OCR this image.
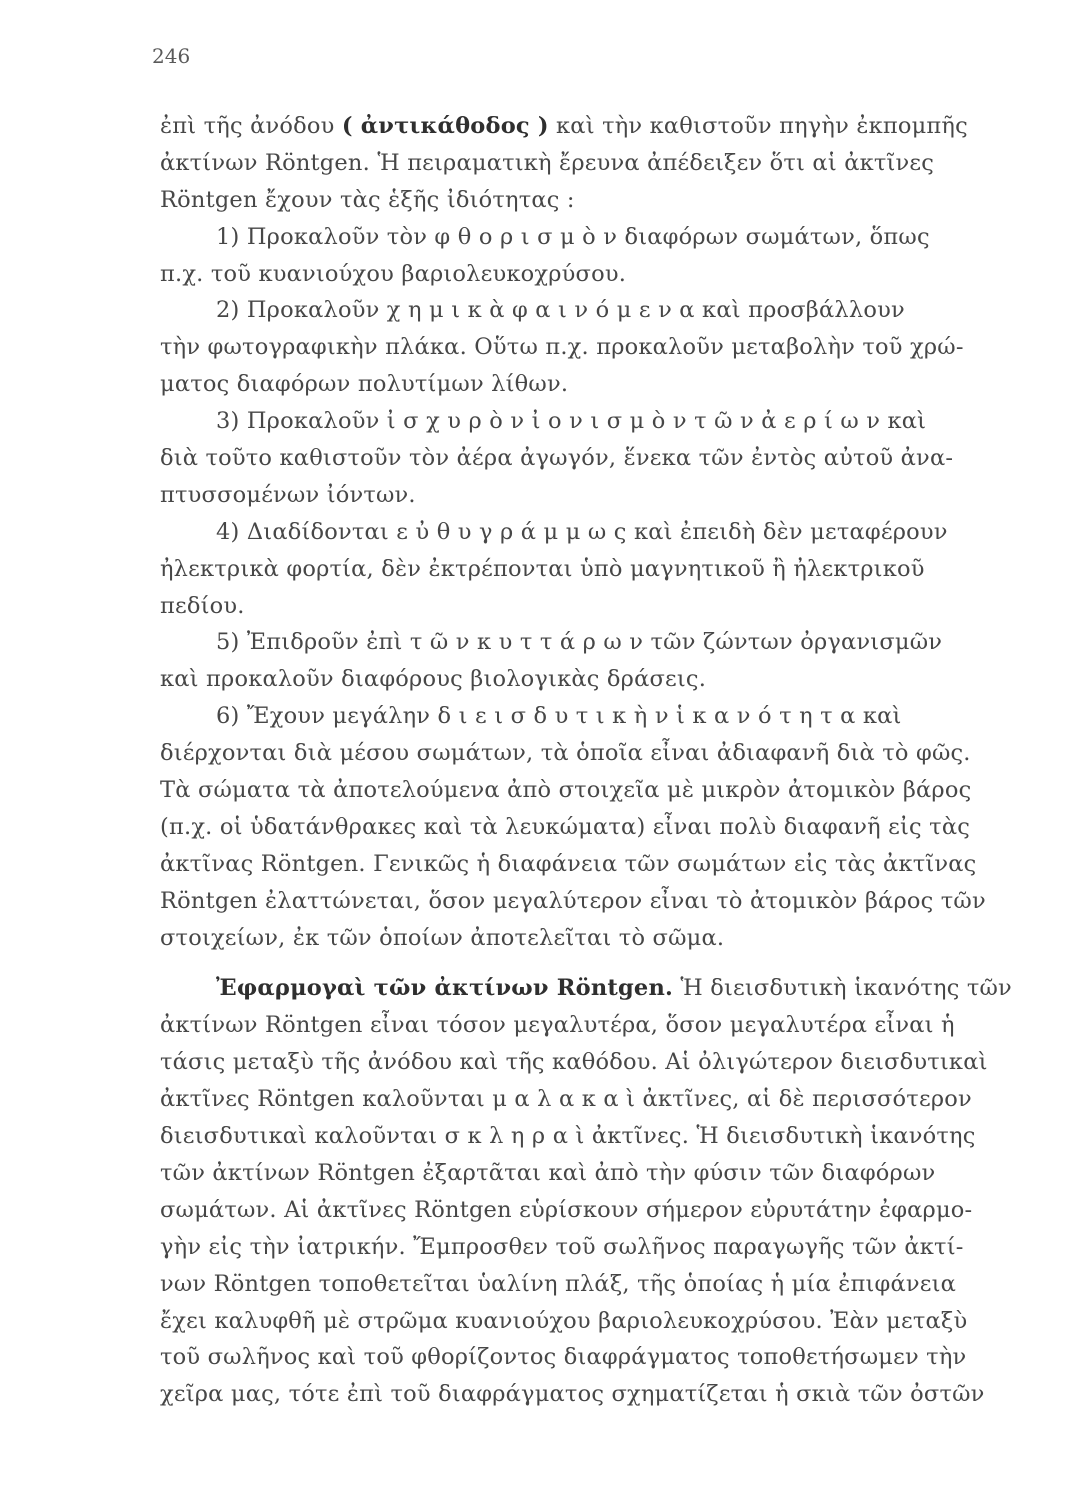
246
ἐπὶ τῆς ἀνόδου ( ἀντικάθοδος ) καὶ τὴν καθιστοῦν πηγὴν ἐκπομπῆς
ἀκτίνων Röntgen. Ἡ πειραματικὴ ἔρευνα ἀπέδειξεν ὅτι αἱ ἀκτῖνες
Röntgen ἔχουν τὰς ἑξῆς ἰδιότητας :
1) Προκαλοῦν τὸν φ θ ο ρ ι σ μ ὸ ν διαφόρων σωμάτων, ὅπως
π.χ. τοῦ κυανιούχου βαριολευκοχρύσου.
2) Προκαλοῦν χ η μ ι κ ὰ φ α ι ν ό μ ε ν α καὶ προσβάλλουν
τὴν φωτογραφικὴν πλάκα. Οὕτω π.χ. προκαλοῦν μεταβολὴν τοῦ χρώ-
ματος διαφόρων πολυτίμων λίθων.
3) Προκαλοῦν ἰ σ χ υ ρ ὸ ν ἰ ο ν ι σ μ ὸ ν τ ῶ ν ἀ ε ρ ί ω ν καὶ
διὰ τοῦτο καθιστοῦν τὸν ἀέρα ἀγωγόν, ἕνεκα τῶν ἐντὸς αὐτοῦ ἀνα-
πτυσσομένων ἰόντων.
4) Διαδίδονται ε ὐ θ υ γ ρ ά μ μ ω ς καὶ ἐπειδὴ δὲν μεταφέρουν
ἠλεκτρικὰ φορτία, δὲν ἐκτρέπονται ὑπὸ μαγνητικοῦ ἢ ἠλεκτρικοῦ
πεδίου.
5) Ἐπιδροῦν ἐπὶ τ ῶ ν κ υ τ τ ά ρ ω ν τῶν ζώντων ὀργανισμῶν
καὶ προκαλοῦν διαφόρους βιολογικὰς δράσεις.
6) Ἔχουν μεγάλην δ ι ε ι σ δ υ τ ι κ ὴ ν ἱ κ α ν ό τ η τ α καὶ
διέρχονται διὰ μέσου σωμάτων, τὰ ὁποῖα εἶναι ἀδιαφανῆ διὰ τὸ φῶς.
Τὰ σώματα τὰ ἀποτελούμενα ἀπὸ στοιχεῖα μὲ μικρὸν ἀτομικὸν βάρος
(π.χ. οἱ ὑδατάνθρακες καὶ τὰ λευκώματα) εἶναι πολὺ διαφανῆ εἰς τὰς
ἀκτῖνας Röntgen. Γενικῶς ἡ διαφάνεια τῶν σωμάτων εἰς τὰς ἀκτῖνας
Röntgen ἐλαττώνεται, ὅσον μεγαλύτερον εἶναι τὸ ἀτομικὸν βάρος τῶν
στοιχείων, ἐκ τῶν ὁποίων ἀποτελεῖται τὸ σῶμα.
Ἐφαρμογαὶ τῶν ἀκτίνων Röntgen. Ἡ διεισδυτικὴ ἱκανότης τῶν
ἀκτίνων Röntgen εἶναι τόσον μεγαλυτέρα, ὅσον μεγαλυτέρα εἶναι ἡ
τάσις μεταξὺ τῆς ἀνόδου καὶ τῆς καθόδου. Αἱ ὀλιγώτερον διεισδυτικαὶ
ἀκτῖνες Röntgen καλοῦνται μ α λ α κ α ὶ ἀκτῖνες, αἱ δὲ περισσότερον
διεισδυτικαὶ καλοῦνται σ κ λ η ρ α ὶ ἀκτῖνες. Ἡ διεισδυτικὴ ἱκανότης
τῶν ἀκτίνων Röntgen ἐξαρτᾶται καὶ ἀπὸ τὴν φύσιν τῶν διαφόρων
σωμάτων. Αἱ ἀκτῖνες Röntgen εὑρίσκουν σήμερον εὐρυτάτην ἐφαρμο-
γὴν εἰς τὴν ἰατρικήν. Ἔμπροσθεν τοῦ σωλῆνος παραγωγῆς τῶν ἀκτί-
νων Röntgen τοποθετεῖται ὑαλίνη πλάξ, τῆς ὁποίας ἡ μία ἐπιφάνεια
ἔχει καλυφθῆ μὲ στρῶμα κυανιούχου βαριολευκοχρύσου. Ἐὰν μεταξὺ
τοῦ σωλῆνος καὶ τοῦ φθορίζοντος διαφράγματος τοποθετήσωμεν τὴν
χεῖρα μας, τότε ἐπὶ τοῦ διαφράγματος σχηματίζεται ἡ σκιὰ τῶν ὀστῶν
